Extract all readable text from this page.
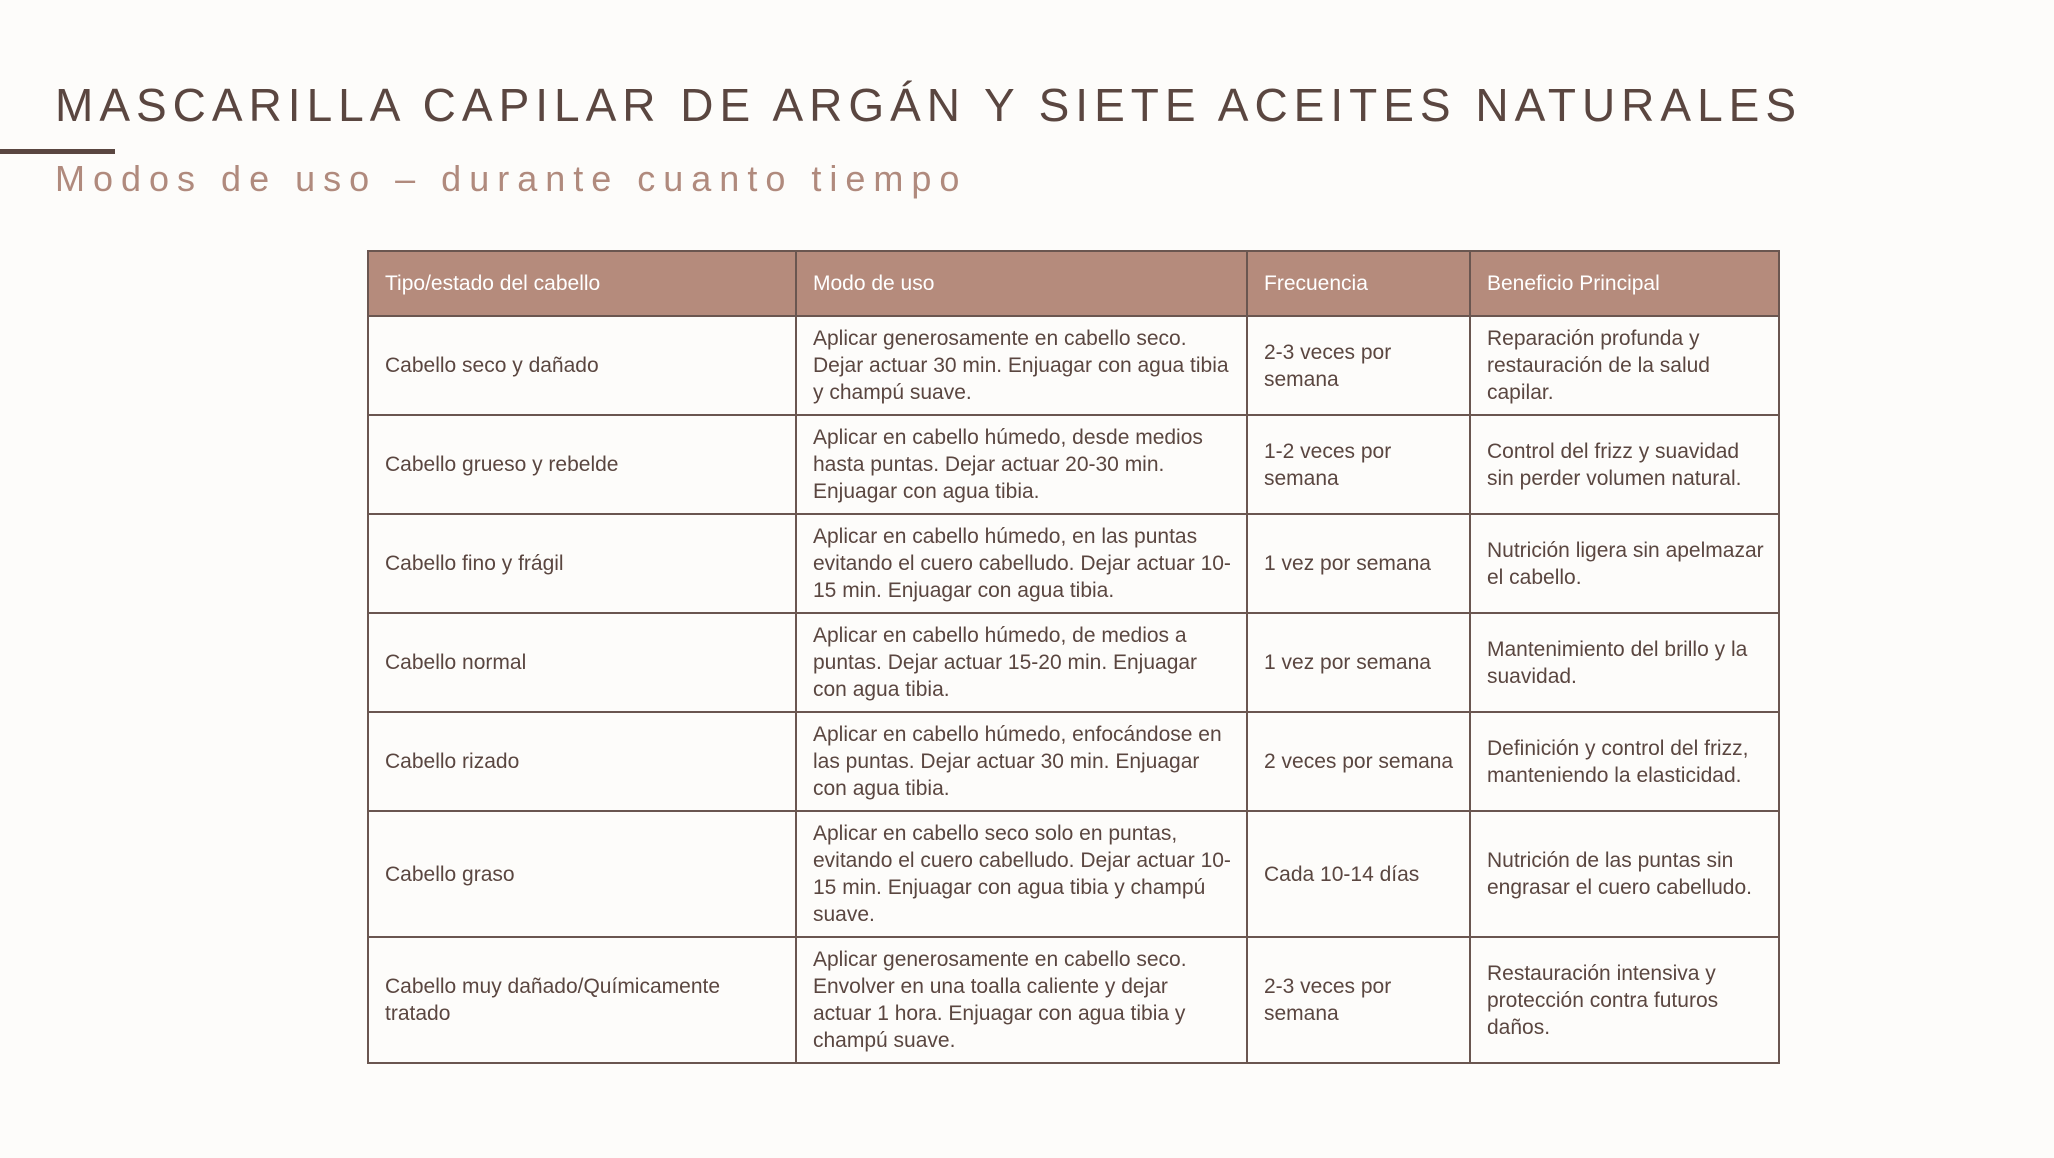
MASCARILLA CAPILAR DE ARGÁN Y SIETE ACEITES NATURALES
Modos de uso – durante cuanto tiempo
Tipo/estado del cabello	Modo de uso	Frecuencia	Beneficio Principal
Cabello seco y dañado	Aplicar generosamente en cabello seco. Dejar actuar 30 min. Enjuagar con agua tibia y champú suave.	2-3 veces por semana	Reparación profunda y restauración de la salud capilar.
Cabello grueso y rebelde	Aplicar en cabello húmedo, desde medios hasta puntas. Dejar actuar 20-30 min. Enjuagar con agua tibia.	1-2 veces por semana	Control del frizz y suavidad sin perder volumen natural.
Cabello fino y frágil	Aplicar en cabello húmedo, en las puntas evitando el cuero cabelludo. Dejar actuar 10-15 min. Enjuagar con agua tibia.	1 vez por semana	Nutrición ligera sin apelmazar el cabello.
Cabello normal	Aplicar en cabello húmedo, de medios a puntas. Dejar actuar 15-20 min. Enjuagar con agua tibia.	1 vez por semana	Mantenimiento del brillo y la suavidad.
Cabello rizado	Aplicar en cabello húmedo, enfocándose en las puntas. Dejar actuar 30 min. Enjuagar con agua tibia.	2 veces por semana	Definición y control del frizz, manteniendo la elasticidad.
Cabello graso	Aplicar en cabello seco solo en puntas, evitando el cuero cabelludo. Dejar actuar 10-15 min. Enjuagar con agua tibia y champú suave.	Cada 10-14 días	Nutrición de las puntas sin engrasar el cuero cabelludo.
Cabello muy dañado/Químicamente tratado	Aplicar generosamente en cabello seco. Envolver en una toalla caliente y dejar actuar 1 hora. Enjuagar con agua tibia y champú suave.	2-3 veces por semana	Restauración intensiva y protección contra futuros daños.
